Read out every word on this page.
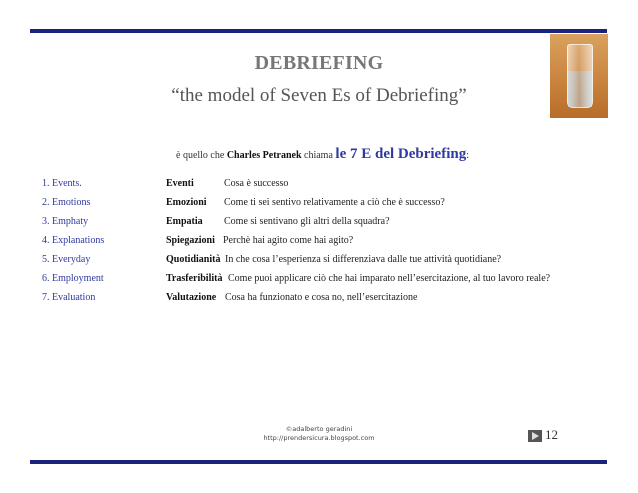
DEBRIEFING
“the model of Seven Es of Debriefing”
è quello che Charles Petranek chiama le 7 E del Debriefing:
1. Events.	Eventi	Cosa è successo
2. Emotions	Emozioni Come ti sei sentivo relativamente a ciò che è successo?
3. Emphaty	Empatia Come si sentivano gli altri della squadra?
4. Explanations	Spiegazioni Perchè hai agito come hai agito?
5. Everyday	Quotidianità In che cosa l’esperienza si differenziava dalle tue attività quotidiane?
6. Employment	Trasferibilità Come puoi applicare ciò che hai imparato nell’esercitazione, al tuo lavoro reale?
7. Evaluation	Valutazione Cosa ha funzionato e cosa no, nell’esercitazione
©adalberto geradini
http://prendersicura.blogspot.com	12
